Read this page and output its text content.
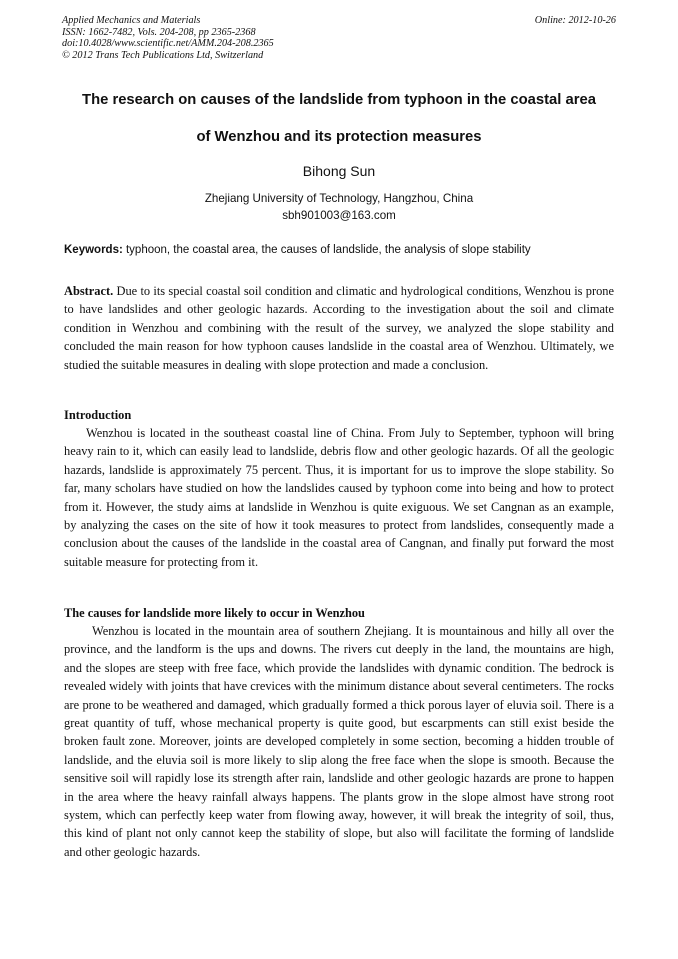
Applied Mechanics and Materials
ISSN: 1662-7482, Vols. 204-208, pp 2365-2368
doi:10.4028/www.scientific.net/AMM.204-208.2365
© 2012 Trans Tech Publications Ltd, Switzerland
Online: 2012-10-26
The research on causes of the landslide from typhoon in the coastal area
of Wenzhou and its protection measures
Bihong Sun
Zhejiang University of Technology, Hangzhou, China
sbh901003@163.com
Keywords: typhoon, the coastal area, the causes of landslide, the analysis of slope stability
Abstract. Due to its special coastal soil condition and climatic and hydrological conditions, Wenzhou is prone to have landslides and other geologic hazards. According to the investigation about the soil and climate condition in Wenzhou and combining with the result of the survey, we analyzed the slope stability and concluded the main reason for how typhoon causes landslide in the coastal area of Wenzhou. Ultimately, we studied the suitable measures in dealing with slope protection and made a conclusion.
Introduction
Wenzhou is located in the southeast coastal line of China. From July to September, typhoon will bring heavy rain to it, which can easily lead to landslide, debris flow and other geologic hazards. Of all the geologic hazards, landslide is approximately 75 percent. Thus, it is important for us to improve the slope stability. So far, many scholars have studied on how the landslides caused by typhoon come into being and how to protect from it. However, the study aims at landslide in Wenzhou is quite exiguous. We set Cangnan as an example, by analyzing the cases on the site of how it took measures to protect from landslides, consequently made a conclusion about the causes of the landslide in the coastal area of Cangnan, and finally put forward the most suitable measure for protecting from it.
The causes for landslide more likely to occur in Wenzhou
Wenzhou is located in the mountain area of southern Zhejiang. It is mountainous and hilly all over the province, and the landform is the ups and downs. The rivers cut deeply in the land, the mountains are high, and the slopes are steep with free face, which provide the landslides with dynamic condition. The bedrock is revealed widely with joints that have crevices with the minimum distance about several centimeters. The rocks are prone to be weathered and damaged, which gradually formed a thick porous layer of eluvia soil. There is a great quantity of tuff, whose mechanical property is quite good, but escarpments can still exist beside the broken fault zone. Moreover, joints are developed completely in some section, becoming a hidden trouble of landslide, and the eluvia soil is more likely to slip along the free face when the slope is smooth. Because the sensitive soil will rapidly lose its strength after rain, landslide and other geologic hazards are prone to happen in the area where the heavy rainfall always happens. The plants grow in the slope almost have strong root system, which can perfectly keep water from flowing away, however, it will break the integrity of soil, thus, this kind of plant not only cannot keep the stability of slope, but also will facilitate the forming of landslide and other geologic hazards.
